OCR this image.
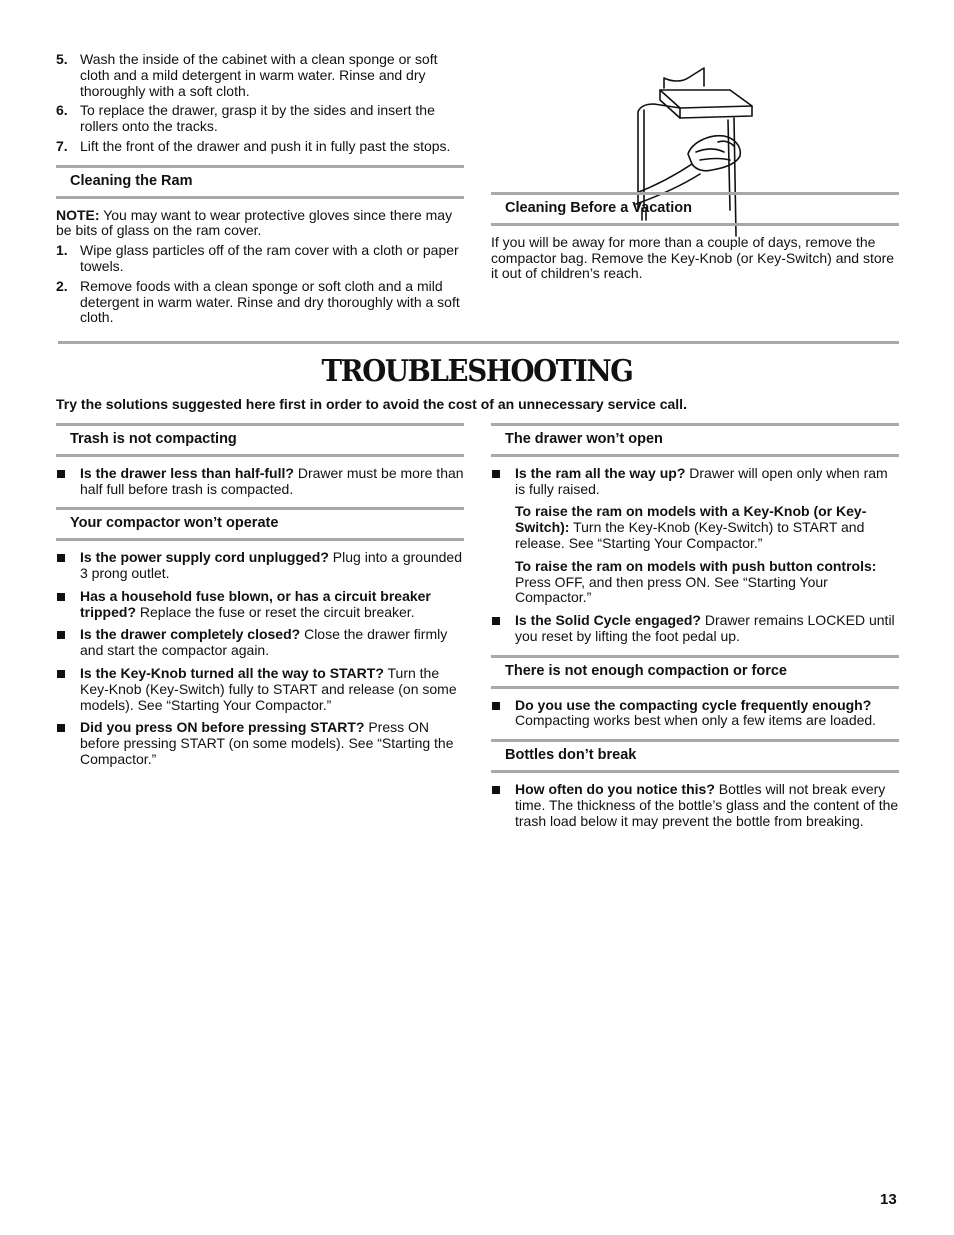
5. Wash the inside of the cabinet with a clean sponge or soft cloth and a mild detergent in warm water. Rinse and dry thoroughly with a soft cloth.
6. To replace the drawer, grasp it by the sides and insert the rollers onto the tracks.
7. Lift the front of the drawer and push it in fully past the stops.
Cleaning the Ram

NOTE: You may want to wear protective gloves since there may be bits of glass on the ram cover.

1. Wipe glass particles off of the ram cover with a cloth or paper towels.
2. Remove foods with a clean sponge or soft cloth and a mild detergent in warm water. Rinse and dry thoroughly with a soft cloth.
Cleaning Before a Vacation

If you will be away for more than a couple of days, remove the compactor bag. Remove the Key-Knob (or Key-Switch) and store it out of children’s reach.

TROUBLESHOOTING
Try the solutions suggested here first in order to avoid the cost of an unnecessary service call.
Trash is not compacting
Is the drawer less than half-full? Drawer must be more than half full before trash is compacted.
Your compactor won’t operate
Is the power supply cord unplugged? Plug into a grounded 3 prong outlet.
Has a household fuse blown, or has a circuit breaker tripped? Replace the fuse or reset the circuit breaker.
Is the drawer completely closed? Close the drawer firmly and start the compactor again.
Is the Key-Knob turned all the way to START? Turn the Key-Knob (Key-Switch) fully to START and release (on some models). See “Starting Your Compactor.”
Did you press ON before pressing START? Press ON before pressing START (on some models). See “Starting the Compactor.”
The drawer won’t open
Is the ram all the way up? Drawer will open only when ram is fully raised.

To raise the ram on models with a Key-Knob (or Key-Switch): Turn the Key-Knob (Key-Switch) to START and release. See “Starting Your Compactor.”

To raise the ram on models with push button controls: Press OFF, and then press ON. See “Starting Your Compactor.”

Is the Solid Cycle engaged? Drawer remains LOCKED until you reset by lifting the foot pedal up.
There is not enough compaction or force
Do you use the compacting cycle frequently enough? Compacting works best when only a few items are loaded.
Bottles don’t break
How often do you notice this? Bottles will not break every time. The thickness of the bottle’s glass and the content of the trash load below it may prevent the bottle from breaking.
13
